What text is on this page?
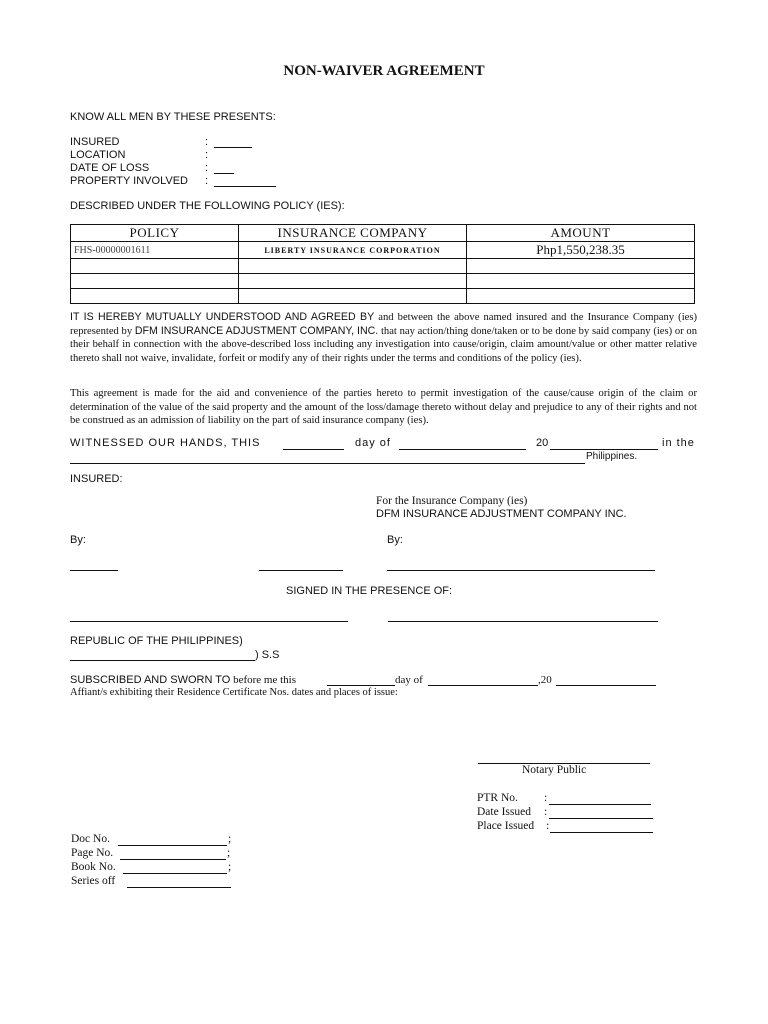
NON-WAIVER AGREEMENT
KNOW ALL MEN BY THESE PRESENTS:
INSURED	:
LOCATION	:
DATE OF LOSS	:
PROPERTY INVOLVED :
DESCRIBED UNDER THE FOLLOWING POLICY (IES):
POLICY	INSURANCE COMPANY	AMOUNT
FHS-00000001611	LIBERTY INSURANCE CORPORATION	Php1,550,238.35

IT IS HEREBY MUTUALLY UNDERSTOOD AND AGREED BY and between the above named insured and the Insurance Company (ies) represented by DFM INSURANCE ADJUSTMENT COMPANY, INC. that nay action/thing done/taken or to be done by said company (ies) or on their behalf in connection with the above-described loss including any investigation into cause/origin, claim amount/value or other matter relative thereto shall not waive, invalidate, forfeit or modify any of their rights under the terms and conditions of the policy (ies).
This agreement is made for the aid and convenience of the parties hereto to permit investigation of the cause/cause origin of the claim or determination of the value of the said property and the amount of the loss/damage thereto without delay and prejudice to any of their rights and not be construed as an admission of liability on the part of said insurance company (ies).
WITNESSED OUR HANDS, THIS	day of	20	in the
Philippines.
INSURED:
For the Insurance Company (ies)
DFM INSURANCE ADJUSTMENT COMPANY INC.
By:	By:
SIGNED IN THE PRESENCE OF:
REPUBLIC OF THE PHILIPPINES)
) S.S
SUBSCRIBED AND SWORN TO before me this	day of	,20
Affiant/s exhibiting their Residence Certificate Nos. dates and places of issue:
Notary Public
PTR No. :
Date Issued :
Place Issued :
Doc No.	;
Page No.	;
Book No.	;
Series off
